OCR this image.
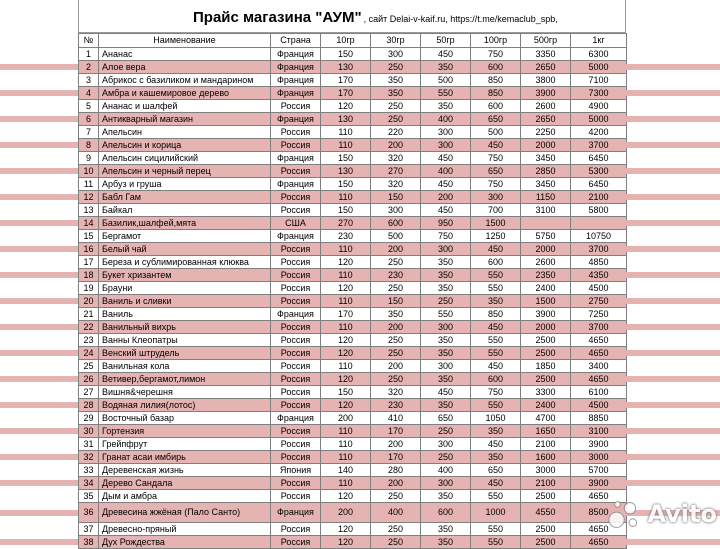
Прайс магазина "АУМ" , сайт Delai-v-kaif.ru, https://t.me/kemaclub_spb,
№	Наименование	Страна	10гр	30гр	50гр	100гр	500гр	1кг
1	Ананас	Франция	150	300	450	750	3350	6300
2	Алое вера	Франция	130	250	350	600	2650	5000
3	Абрикос с базиликом и мандарином	Франция	170	350	500	850	3800	7100
4	Амбра и кашемировое дерево	Франция	170	350	550	850	3900	7300
5	Ананас и шалфей	Россия	120	250	350	600	2600	4900
6	Антикварный магазин	Франция	130	250	400	650	2650	5000
7	Апельсин	Россия	110	220	300	500	2250	4200
8	Апельсин и корица	Россия	110	200	300	450	2000	3700
9	Апельсин сицилийский	Франция	150	320	450	750	3450	6450
10	Апельсин и черный перец	Россия	130	270	400	650	2850	5300
11	Арбуз и груша	Франция	150	320	450	750	3450	6450
12	Бабл Гам	Россия	110	150	200	300	1150	2100
13	Байкал	Россия	150	300	450	700	3100	5800
14	Базилик,шалфей,мята	США	270	600	950	1500		
15	Бергамот	Франция	230	500	750	1250	5750	10750
16	Белый чай	Россия	110	200	300	450	2000	3700
17	Береза и сублимированная клюква	Россия	120	250	350	600	2600	4850
18	Букет хризантем	Россия	110	230	350	550	2350	4350
19	Брауни	Россия	120	250	350	550	2400	4500
20	Ваниль и сливки	Россия	110	150	250	350	1500	2750
21	Ваниль	Франция	170	350	550	850	3900	7250
22	Ванильный вихрь	Россия	110	200	300	450	2000	3700
23	Ванны Клеопатры	Россия	120	250	350	550	2500	4650
24	Венский штрудель	Россия	120	250	350	550	2500	4650
25	Ванильная кола	Россия	110	200	300	450	1850	3400
26	Ветивер,бергамот,лимон	Россия	120	250	350	600	2500	4650
27	Вишня&черешня	Россия	150	320	450	750	3300	6100
28	Водяная лилия(лотос)	Россия	120	230	350	550	2400	4500
29	Восточный базар	Франция	200	410	650	1050	4700	8850
30	Гортензия	Россия	110	170	250	350	1650	3100
31	Грейпфрут	Россия	110	200	300	450	2100	3900
32	Гранат асаи имбирь	Россия	110	170	250	350	1600	3000
33	Деревенская жизнь	Япония	140	280	400	650	3000	5700
34	Дерево Сандала	Россия	110	200	300	450	2100	3900
35	Дым и амбра	Россия	120	250	350	550	2500	4650
36	Древесина жжёная (Пало Санто)	Франция	200	400	600	1000	4550	8500
37	Древесно-пряный	Россия	120	250	350	550	2500	4650
38	Дух Рождества	Россия	120	250	350	550	2500	4650
Avito
